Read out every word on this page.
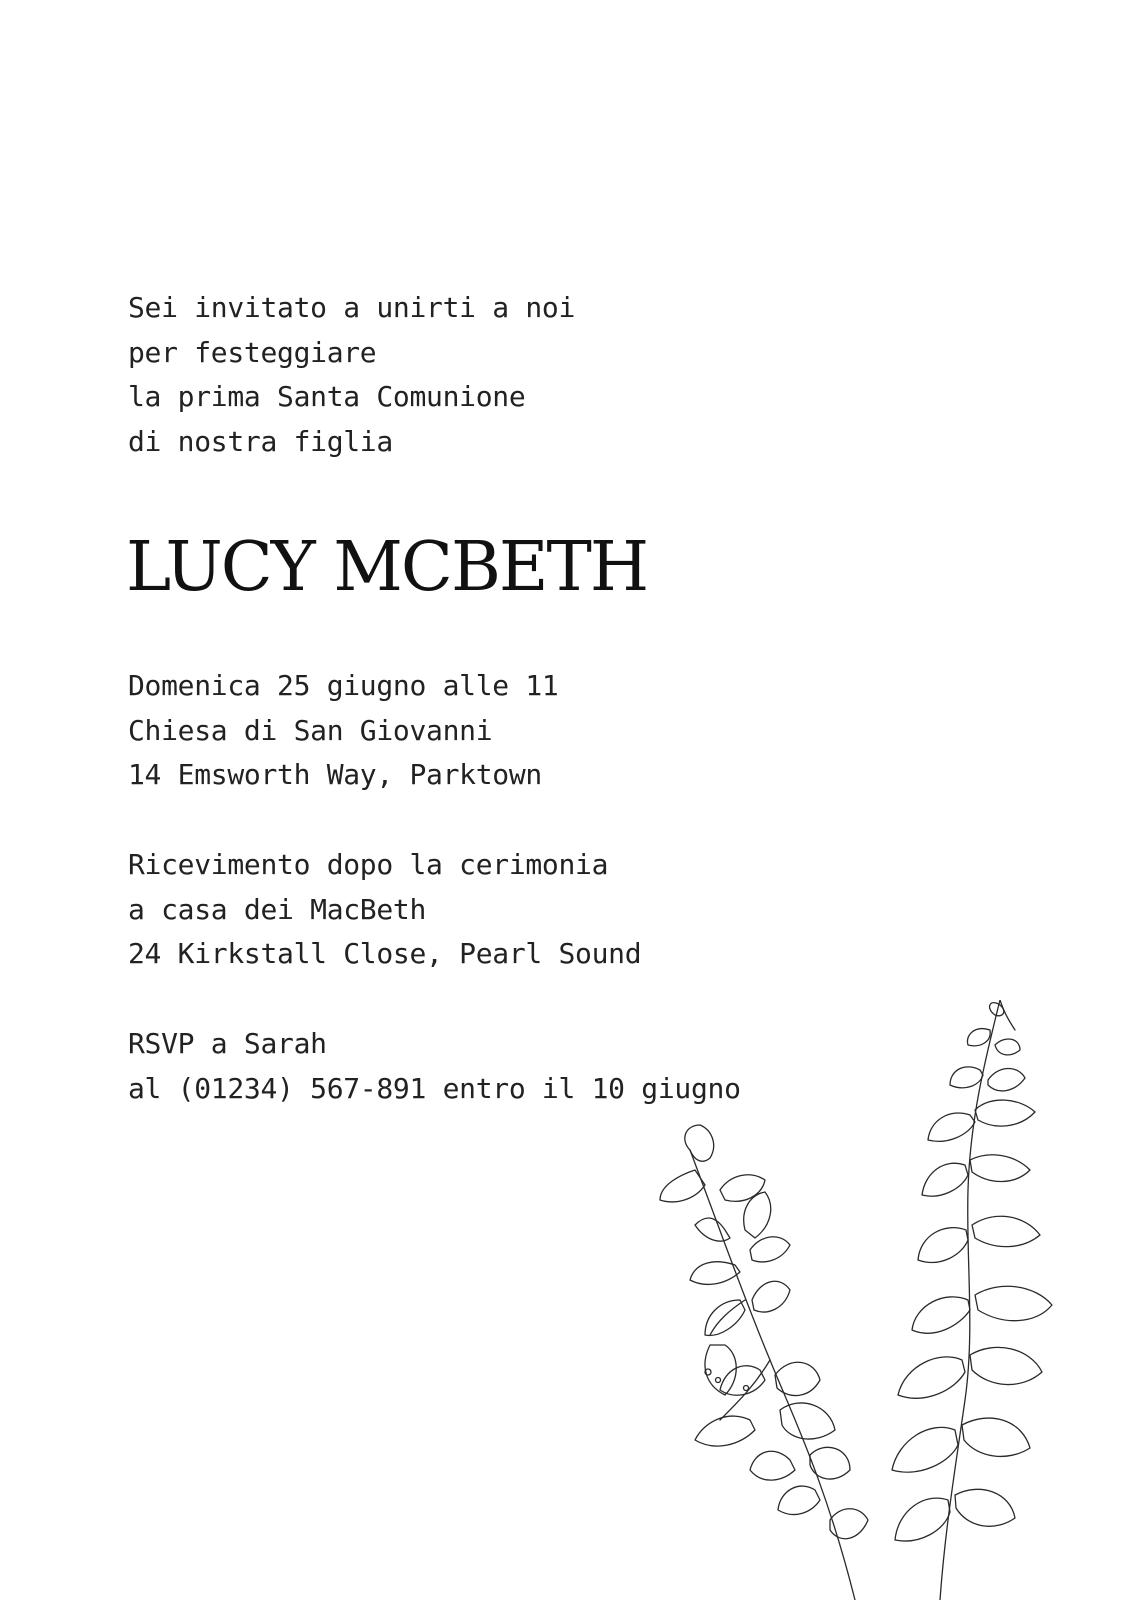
Sei invitato a unirti a noi
per festeggiare
la prima Santa Comunione
di nostra figlia
LUCY MCBETH
Domenica 25 giugno alle 11
Chiesa di San Giovanni
14 Emsworth Way, Parktown
Ricevimento dopo la cerimonia
a casa dei MacBeth
24 Kirkstall Close, Pearl Sound
RSVP a Sarah
al (01234) 567-891 entro il 10 giugno
